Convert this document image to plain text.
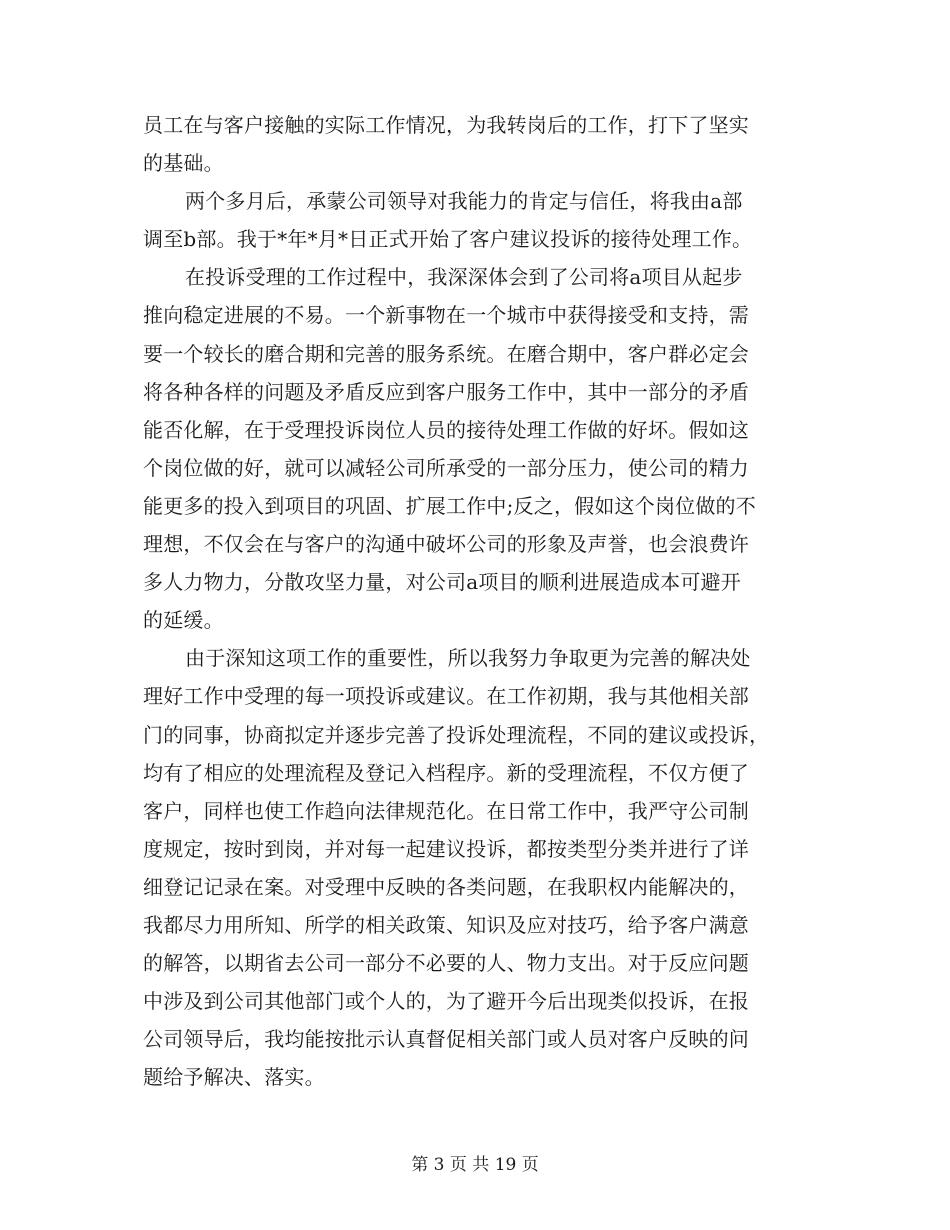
员工在与客户接触的实际工作情况，为我转岗后的工作，打下了坚实
的基础。
两个多月后，承蒙公司领导对我能力的肯定与信任，将我由a部
调至b部。我于*年*月*日正式开始了客户建议投诉的接待处理工作。
在投诉受理的工作过程中，我深深体会到了公司将a项目从起步
推向稳定进展的不易。一个新事物在一个城市中获得接受和支持，需
要一个较长的磨合期和完善的服务系统。在磨合期中，客户群必定会
将各种各样的问题及矛盾反应到客户服务工作中，其中一部分的矛盾
能否化解，在于受理投诉岗位人员的接待处理工作做的好坏。假如这
个岗位做的好，就可以减轻公司所承受的一部分压力，使公司的精力
能更多的投入到项目的巩固、扩展工作中;反之，假如这个岗位做的不
理想，不仅会在与客户的沟通中破坏公司的形象及声誉，也会浪费许
多人力物力，分散攻坚力量，对公司a项目的顺利进展造成本可避开
的延缓。
由于深知这项工作的重要性，所以我努力争取更为完善的解决处
理好工作中受理的每一项投诉或建议。在工作初期，我与其他相关部
门的同事，协商拟定并逐步完善了投诉处理流程，不同的建议或投诉，
均有了相应的处理流程及登记入档程序。新的受理流程，不仅方便了
客户，同样也使工作趋向法律规范化。在日常工作中，我严守公司制
度规定，按时到岗，并对每一起建议投诉，都按类型分类并进行了详
细登记记录在案。对受理中反映的各类问题，在我职权内能解决的，
我都尽力用所知、所学的相关政策、知识及应对技巧，给予客户满意
的解答，以期省去公司一部分不必要的人、物力支出。对于反应问题
中涉及到公司其他部门或个人的，为了避开今后出现类似投诉，在报
公司领导后，我均能按批示认真督促相关部门或人员对客户反映的问
题给予解决、落实。
第 3 页 共 19 页
